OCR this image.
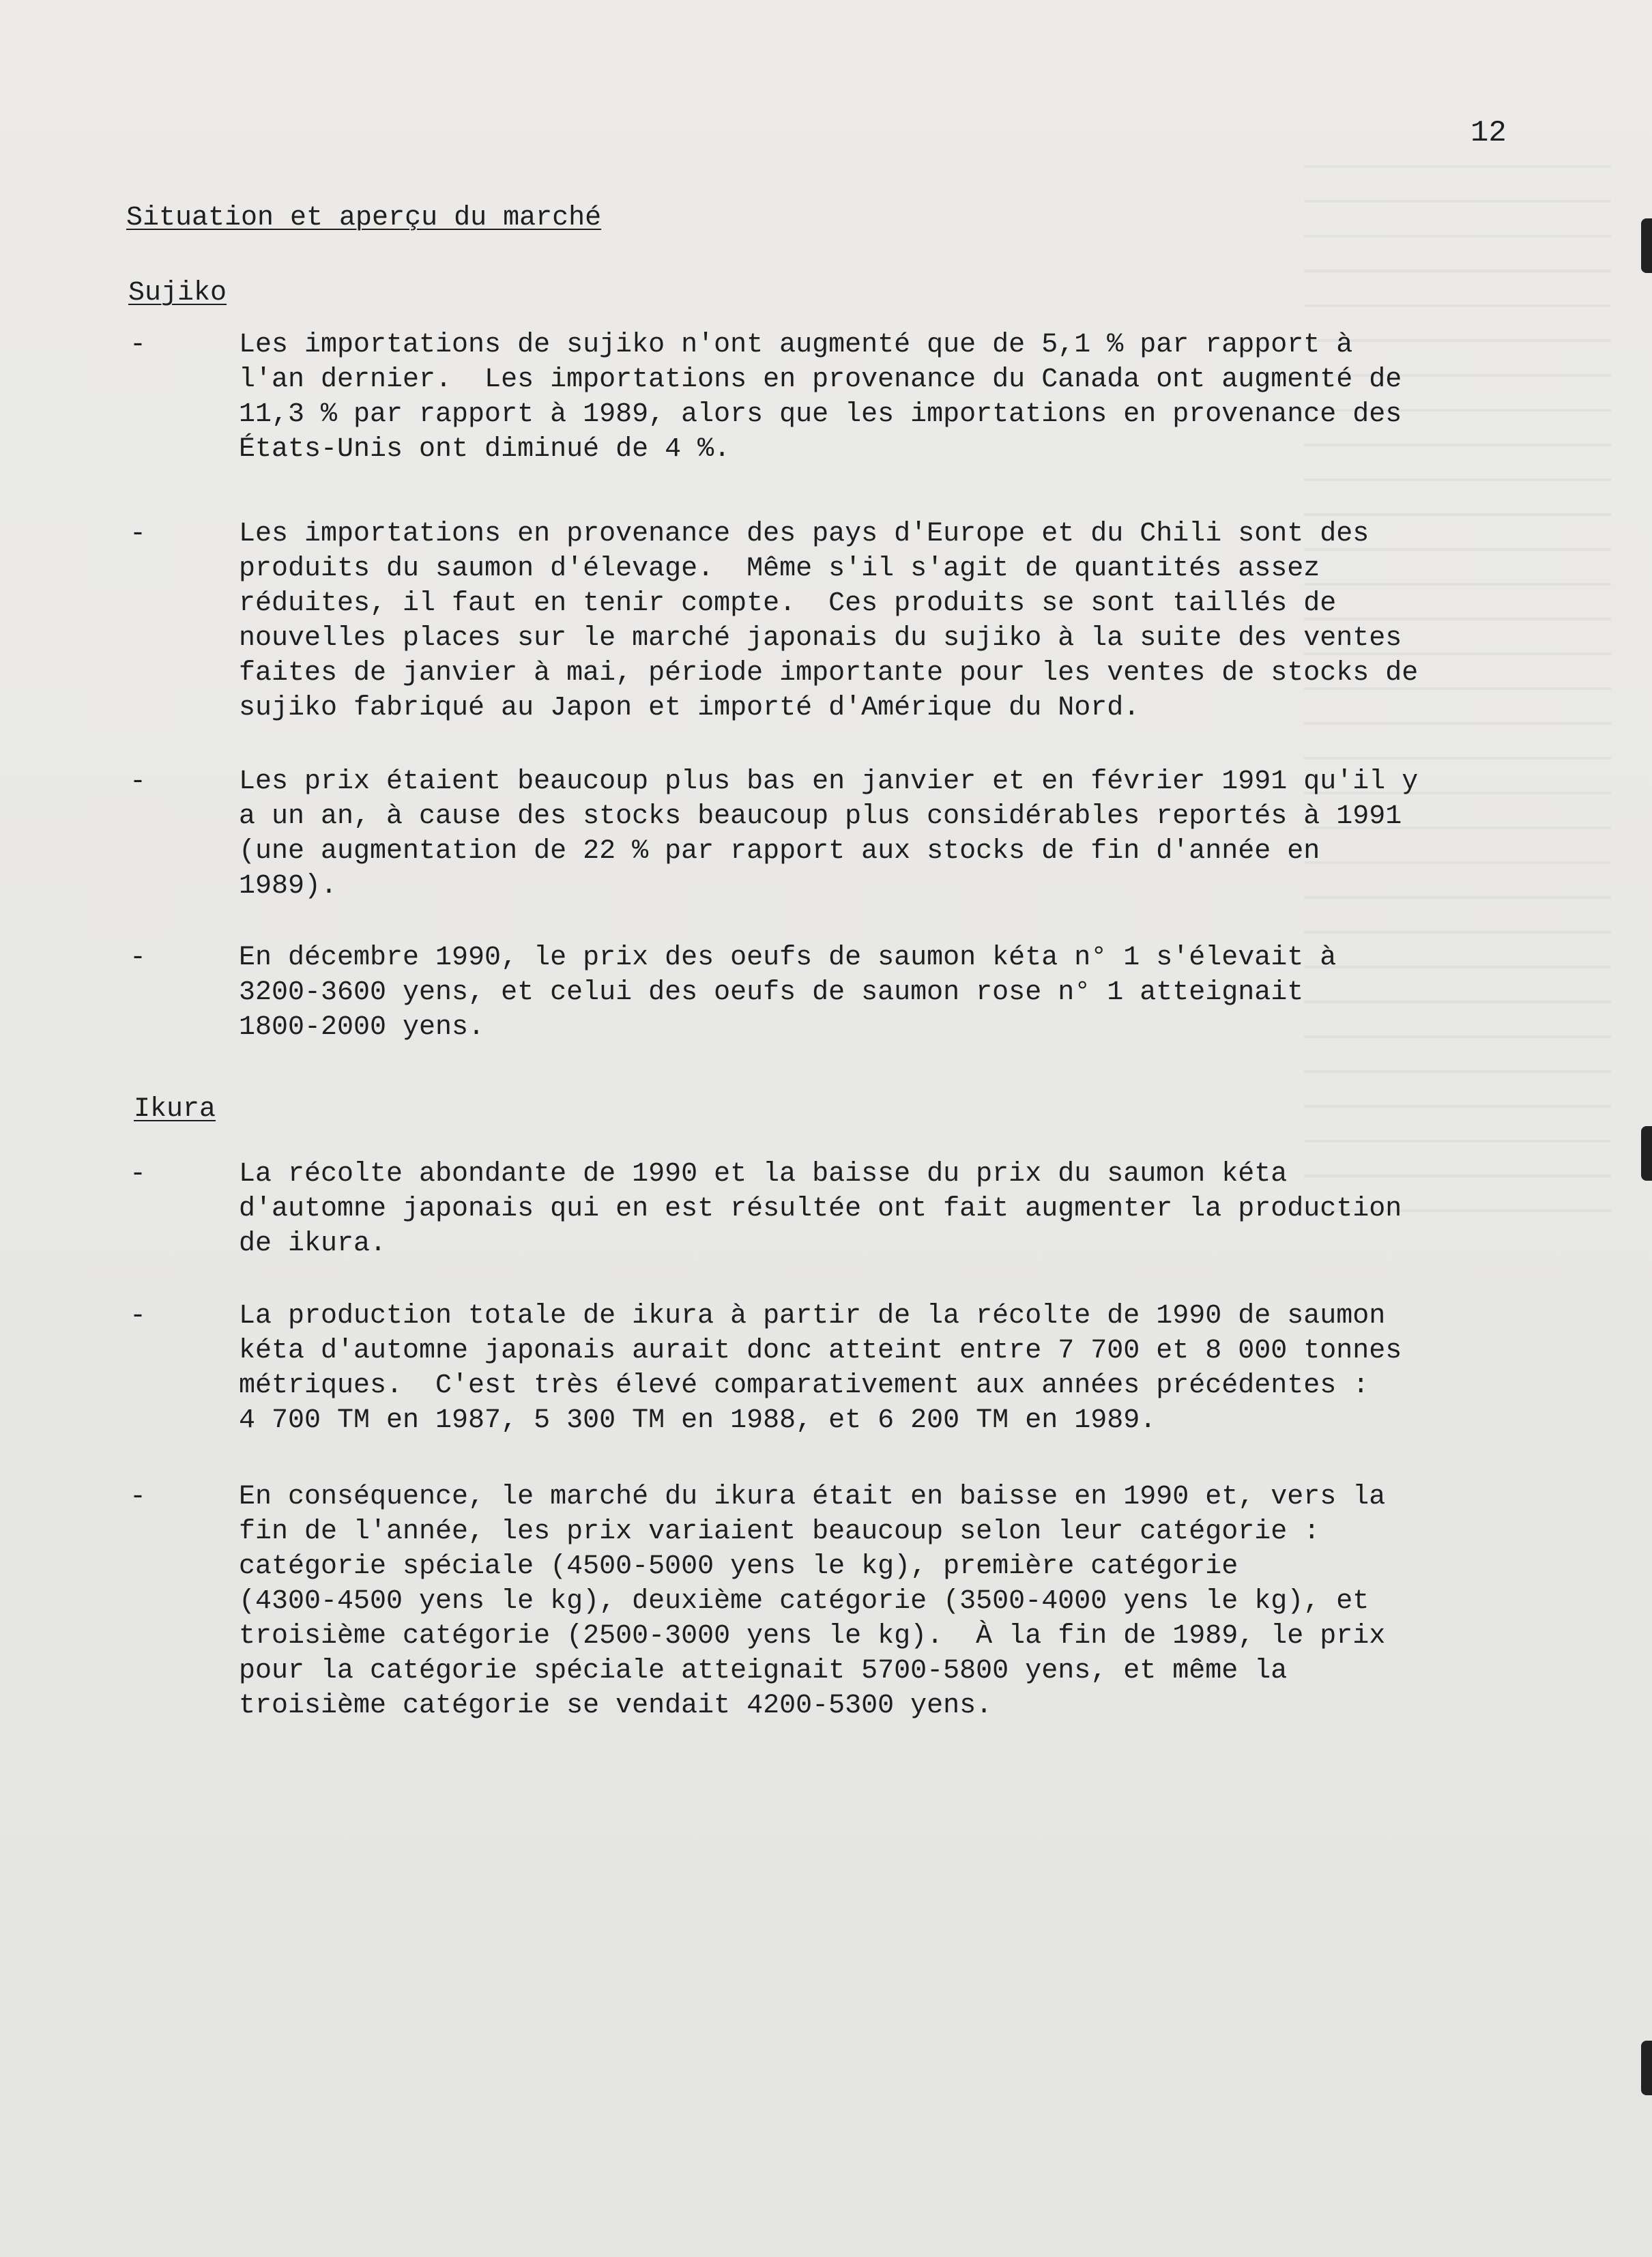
12
Situation et aperçu du marché
Sujiko
-	Les importations de sujiko n'ont augmenté que de 5,1 % par rapport à
l'an dernier.  Les importations en provenance du Canada ont augmenté de
11,3 % par rapport à 1989, alors que les importations en provenance des
États-Unis ont diminué de 4 %.
-	Les importations en provenance des pays d'Europe et du Chili sont des
produits du saumon d'élevage.  Même s'il s'agit de quantités assez
réduites, il faut en tenir compte.  Ces produits se sont taillés de
nouvelles places sur le marché japonais du sujiko à la suite des ventes
faites de janvier à mai, période importante pour les ventes de stocks de
sujiko fabriqué au Japon et importé d'Amérique du Nord.
-	Les prix étaient beaucoup plus bas en janvier et en février 1991 qu'il y
a un an, à cause des stocks beaucoup plus considérables reportés à 1991
(une augmentation de 22 % par rapport aux stocks de fin d'année en
1989).
-	En décembre 1990, le prix des oeufs de saumon kéta n° 1 s'élevait à
3200-3600 yens, et celui des oeufs de saumon rose n° 1 atteignait
1800-2000 yens.
Ikura
-	La récolte abondante de 1990 et la baisse du prix du saumon kéta
d'automne japonais qui en est résultée ont fait augmenter la production
de ikura.
-	La production totale de ikura à partir de la récolte de 1990 de saumon
kéta d'automne japonais aurait donc atteint entre 7 700 et 8 000 tonnes
métriques.  C'est très élevé comparativement aux années précédentes :
4 700 TM en 1987, 5 300 TM en 1988, et 6 200 TM en 1989.
-	En conséquence, le marché du ikura était en baisse en 1990 et, vers la
fin de l'année, les prix variaient beaucoup selon leur catégorie :
catégorie spéciale (4500-5000 yens le kg), première catégorie
(4300-4500 yens le kg), deuxième catégorie (3500-4000 yens le kg), et
troisième catégorie (2500-3000 yens le kg).  À la fin de 1989, le prix
pour la catégorie spéciale atteignait 5700-5800 yens, et même la
troisième catégorie se vendait 4200-5300 yens.
